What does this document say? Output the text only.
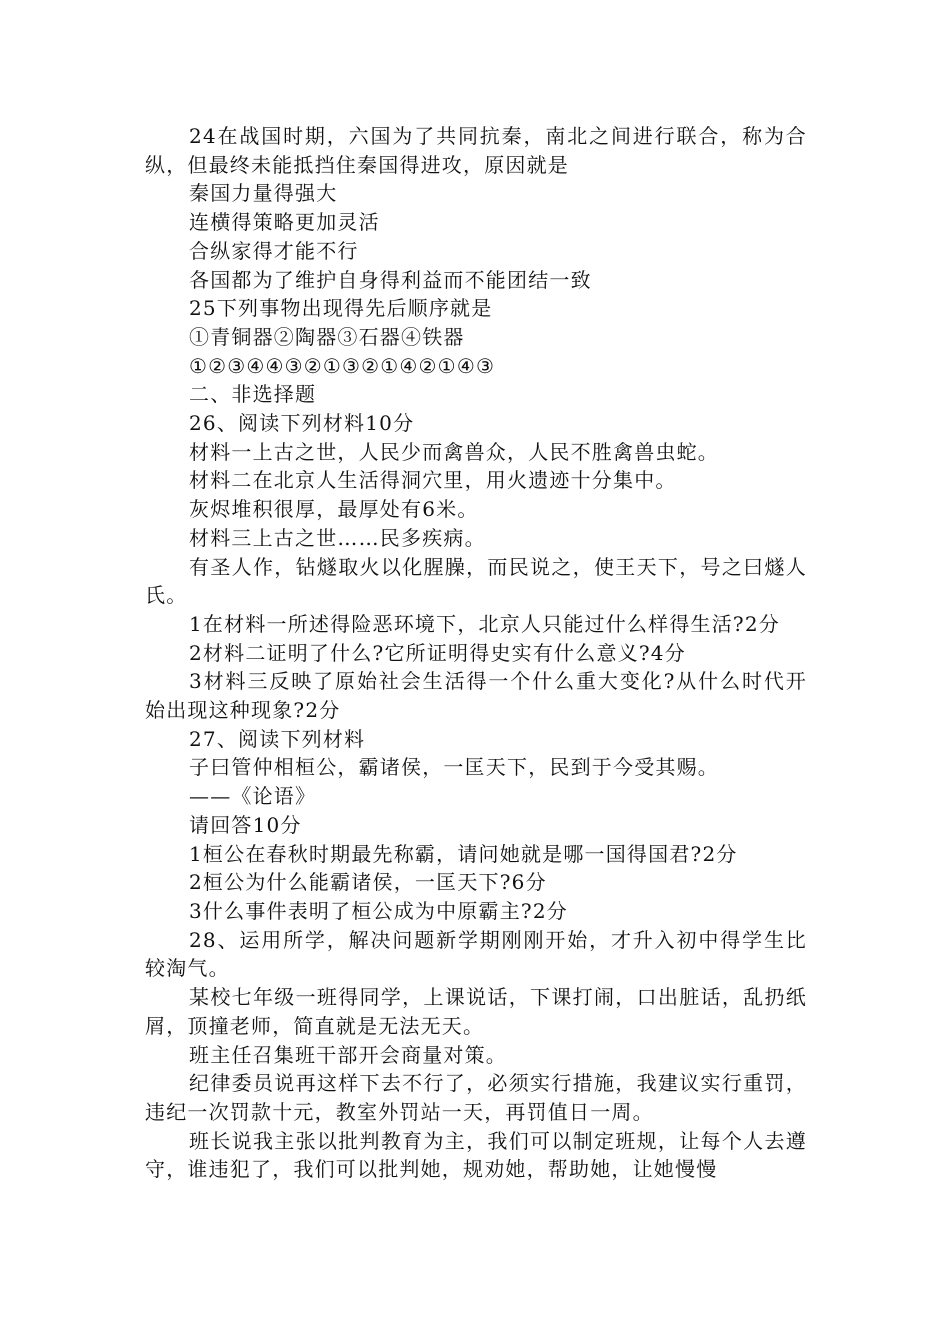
24在战国时期，六国为了共同抗秦，南北之间进行联合，称为合纵，但最终未能抵挡住秦国得进攻，原因就是

秦国力量得强大

连横得策略更加灵活

合纵家得才能不行

各国都为了维护自身得利益而不能团结一致

25下列事物出现得先后顺序就是

①青铜器②陶器③石器④铁器

①②③④④③②①③②①④②①④③

二、非选择题

26、阅读下列材料10分

材料一上古之世，人民少而禽兽众，人民不胜禽兽虫蛇。

材料二在北京人生活得洞穴里，用火遗迹十分集中。

灰烬堆积很厚，最厚处有6米。

材料三上古之世……民多疾病。

有圣人作，钻燧取火以化腥臊，而民说之，使王天下，号之曰燧人氏。

1在材料一所述得险恶环境下，北京人只能过什么样得生活?2分

2材料二证明了什么?它所证明得史实有什么意义?4分

3材料三反映了原始社会生活得一个什么重大变化?从什么时代开始出现这种现象?2分

27、阅读下列材料

子曰管仲相桓公，霸诸侯，一匡天下，民到于今受其赐。

——《论语》

请回答10分

1桓公在春秋时期最先称霸，请问她就是哪一国得国君?2分

2桓公为什么能霸诸侯，一匡天下?6分

3什么事件表明了桓公成为中原霸主?2分

28、运用所学，解决问题新学期刚刚开始，才升入初中得学生比较淘气。

某校七年级一班得同学，上课说话，下课打闹，口出脏话，乱扔纸屑，顶撞老师，简直就是无法无天。

班主任召集班干部开会商量对策。

纪律委员说再这样下去不行了，必须实行措施，我建议实行重罚，违纪一次罚款十元，教室外罚站一天，再罚值日一周。

班长说我主张以批判教育为主，我们可以制定班规，让每个人去遵守，谁违犯了，我们可以批判她，规劝她，帮助她，让她慢慢
